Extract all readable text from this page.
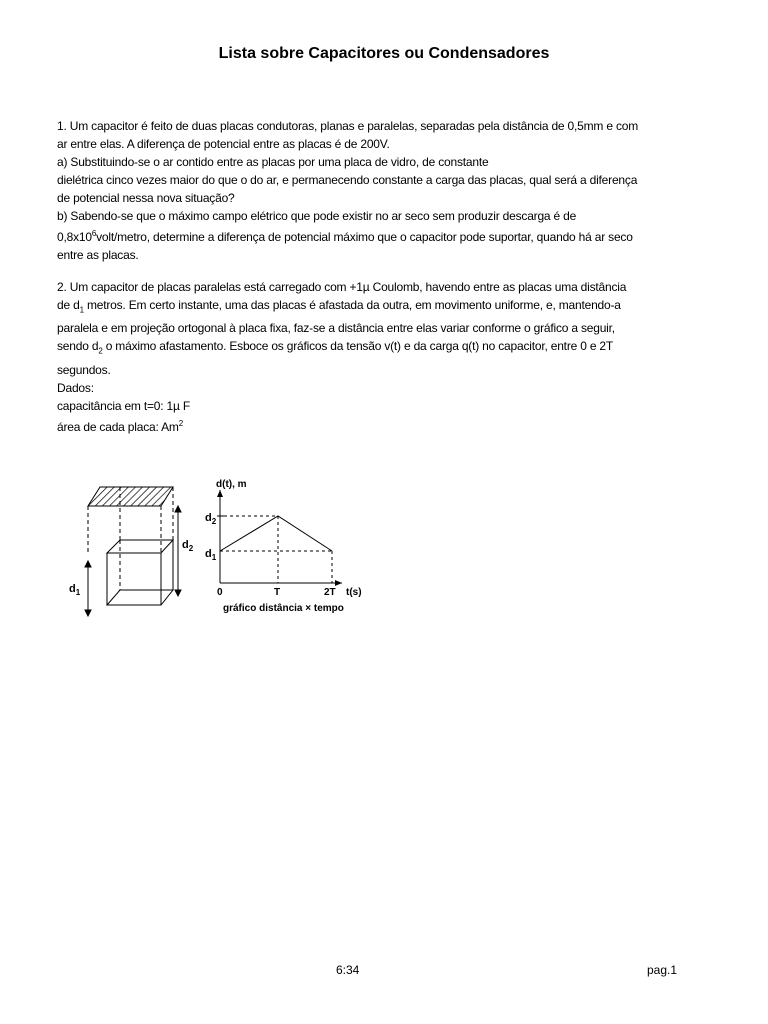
Lista sobre Capacitores ou Condensadores
1. Um capacitor é feito de duas placas condutoras, planas e paralelas, separadas pela distância de 0,5mm e com
ar entre elas. A diferença de potencial entre as placas é de 200V.
a) Substituindo-se o ar contido entre as placas por uma placa de vidro, de constante
dielétrica cinco vezes maior do que o do ar, e permanecendo constante a carga das placas, qual será a diferença
de potencial nessa nova situação?
b) Sabendo-se que o máximo campo elétrico que pode existir no ar seco sem produzir descarga é de
$0,8x10^6volt$/metro, determine a diferença de potencial máximo que o capacitor pode suportar, quando há ar seco
entre as placas.
2. Um capacitor de placas paralelas está carregado com +1µ Coulomb, havendo entre as placas uma distância
de $d_1$ metros. Em certo instante, uma das placas é afastada da outra, em movimento uniforme, e, mantendo-a
paralela e em projeção ortogonal à placa fixa, faz-se a distância entre elas variar conforme o gráfico a seguir,
sendo $d_2$ o máximo afastamento. Esboce os gráficos da tensão v(t) e da carga q(t) no capacitor, entre 0 e 2T
segundos.
Dados:
capacitância em t=0: 1µ F
área de cada placa: Am$^2$
$d_2$
$d_1$
d(t), m
$d_2$
$d_1$
0	T	2T t(s)
gráfico distância × tempo
6:34	pag.1
